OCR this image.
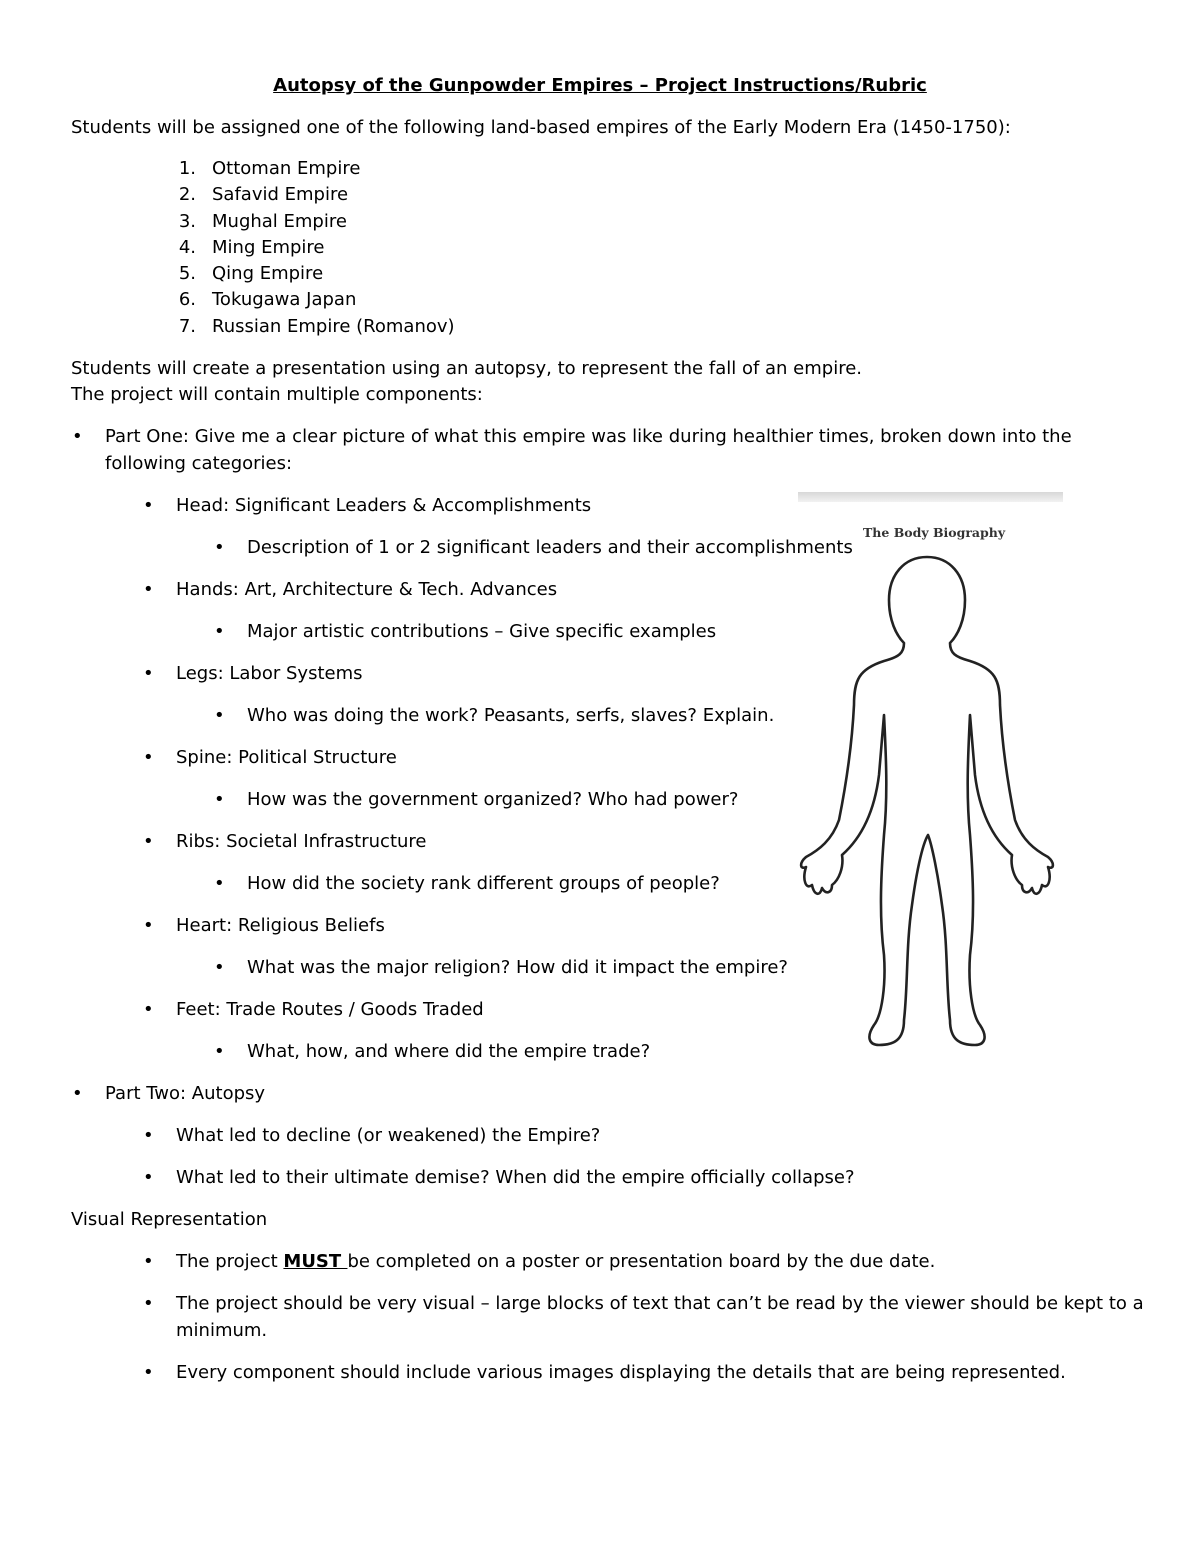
Autopsy of the Gunpowder Empires – Project Instructions/Rubric
Students will be assigned one of the following land-based empires of the Early Modern Era (1450-1750):
1. Ottoman Empire
2. Safavid Empire
3. Mughal Empire
4. Ming Empire
5. Qing Empire
6. Tokugawa Japan
7. Russian Empire (Romanov)
Students will create a presentation using an autopsy, to represent the fall of an empire.
The project will contain multiple components:
• Part One: Give me a clear picture of what this empire was like during healthier times, broken down into the
following categories:
• Head: Significant Leaders & Accomplishments
• Description of 1 or 2 significant leaders and their accomplishments
• Hands: Art, Architecture & Tech. Advances
• Major artistic contributions – Give specific examples
• Legs: Labor Systems
• Who was doing the work? Peasants, serfs, slaves? Explain.
• Spine: Political Structure
• How was the government organized? Who had power?
• Ribs: Societal Infrastructure
• How did the society rank different groups of people?
• Heart: Religious Beliefs
• What was the major religion? How did it impact the empire?
• Feet: Trade Routes / Goods Traded
• What, how, and where did the empire trade?
• Part Two: Autopsy
• What led to decline (or weakened) the Empire?
• What led to their ultimate demise? When did the empire officially collapse?
Visual Representation
• The project MUST be completed on a poster or presentation board by the due date.
• The project should be very visual – large blocks of text that can’t be read by the viewer should be kept to a
minimum.
• Every component should include various images displaying the details that are being represented.
The Body Biography
